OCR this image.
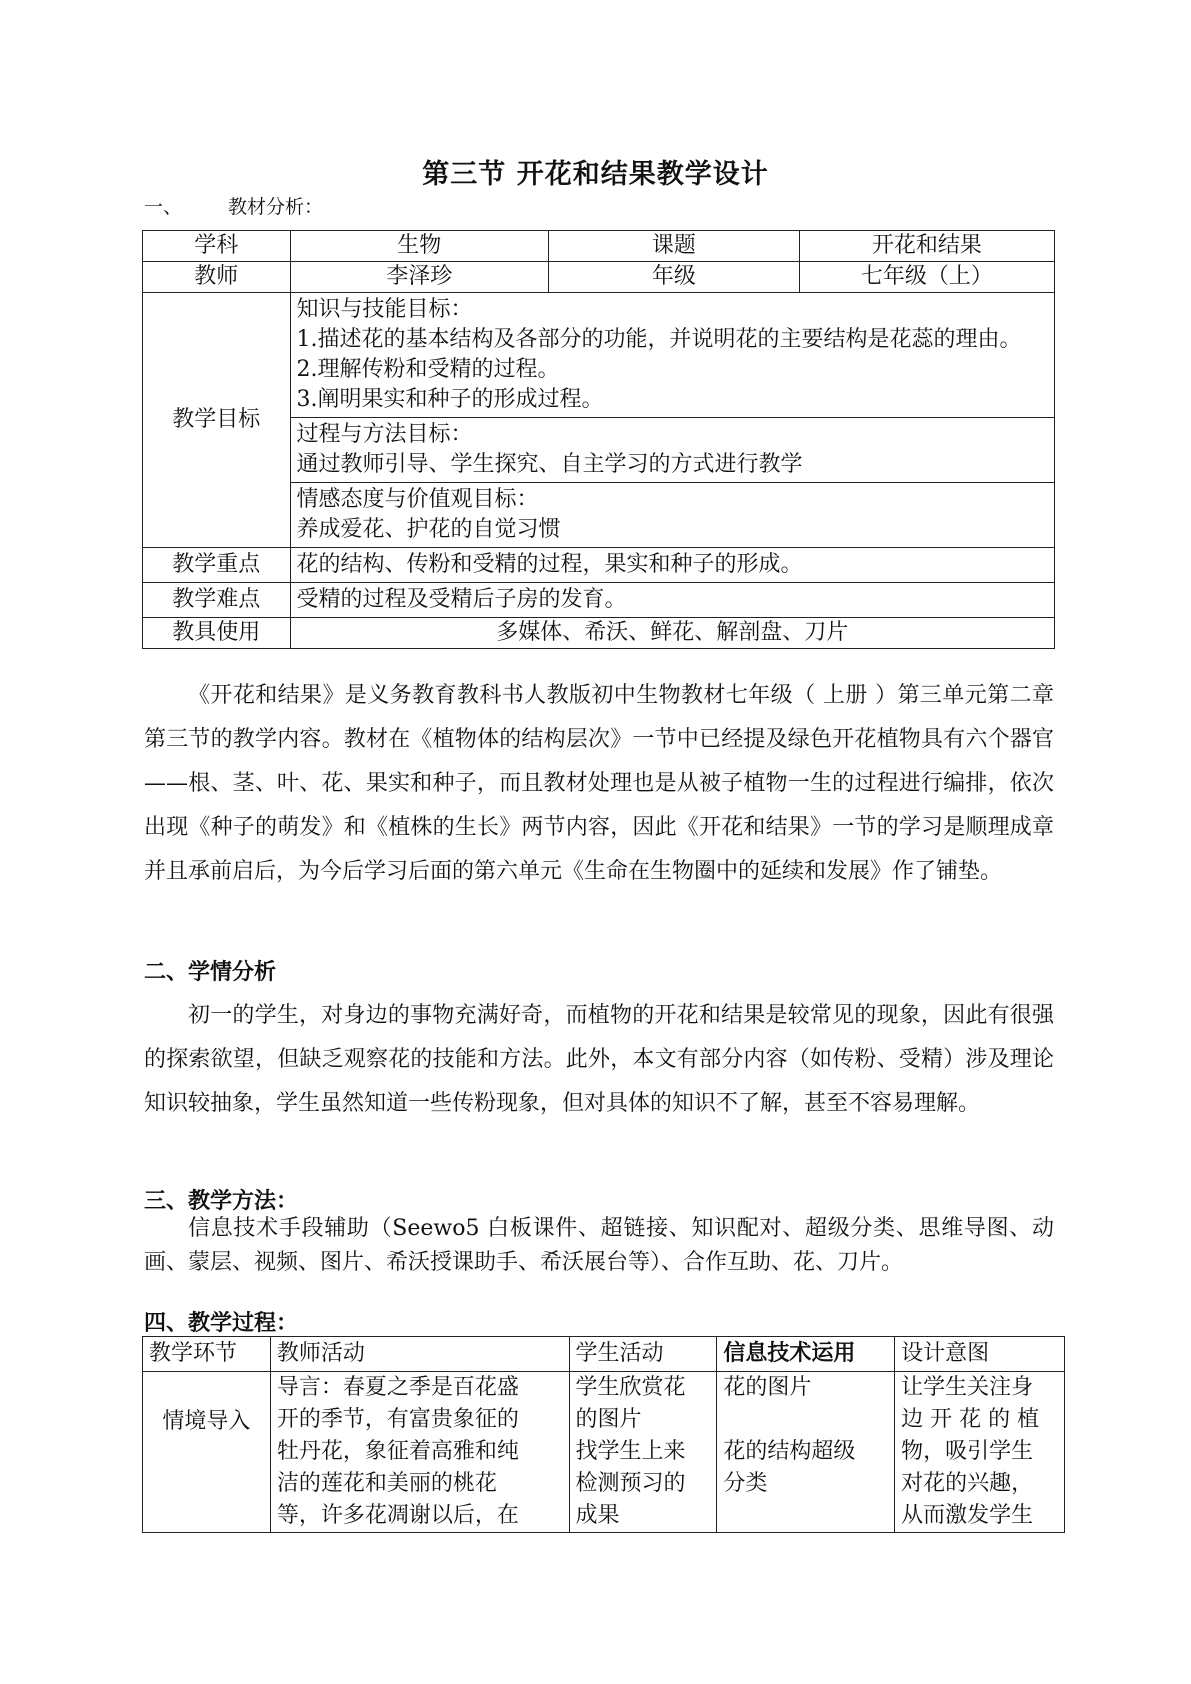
第三节 开花和结果教学设计
一、 教材分析：
学科	生物	课题	开花和结果
教师	李泽珍	年级	七年级（上）
教学目标	知识与技能目标：
1.描述花的基本结构及各部分的功能，并说明花的主要结构是花蕊的理由。
2.理解传粉和受精的过程。
3.阐明果实和种子的形成过程。		

	过程与方法目标：
通过教师引导、学生探究、自主学习的方式进行教学		

	情感态度与价值观目标：
养成爱花、护花的自觉习惯		

教学重点	花的结构、传粉和受精的过程，果实和种子的形成。		
教学难点	受精的过程及受精后子房的发育。		
教具使用	多媒体、希沃、鲜花、解剖盘、刀片		
《开花和结果》是义务教育教科书人教版初中生物教材七年级（ 上册 ）第三单元第二章第三节的教学内容。教材在《植物体的结构层次》一节中已经提及绿色开花植物具有六个器官——根、茎、叶、花、果实和种子，而且教材处理也是从被子植物一生的过程进行编排，依次出现《种子的萌发》和《植株的生长》两节内容，因此《开花和结果》一节的学习是顺理成章并且承前启后，为今后学习后面的第六单元《生命在生物圈中的延续和发展》作了铺垫。
二、学情分析
初一的学生，对身边的事物充满好奇，而植物的开花和结果是较常见的现象，因此有很强的探索欲望，但缺乏观察花的技能和方法。此外，本文有部分内容（如传粉、受精）涉及理论知识较抽象，学生虽然知道一些传粉现象，但对具体的知识不了解，甚至不容易理解。
三、教学方法：
信息技术手段辅助（Seewo5 白板课件、超链接、知识配对、超级分类、思维导图、动画、蒙层、视频、图片、希沃授课助手、希沃展台等）、合作互助、花、刀片。
四、教学过程：
教学环节	教师活动	学生活动	信息技术运用	设计意图
情境导入	导言：春夏之季是百花盛
开的季节，有富贵象征的
牡丹花，象征着高雅和纯
洁的莲花和美丽的桃花
等，许多花凋谢以后，在	学生欣赏花
的图片
找学生上来
检测预习的
成果	花的图片

花的结构超级
分类	让学生关注身
边 开 花 的 植
物，吸引学生
对花的兴趣，
从而激发学生
